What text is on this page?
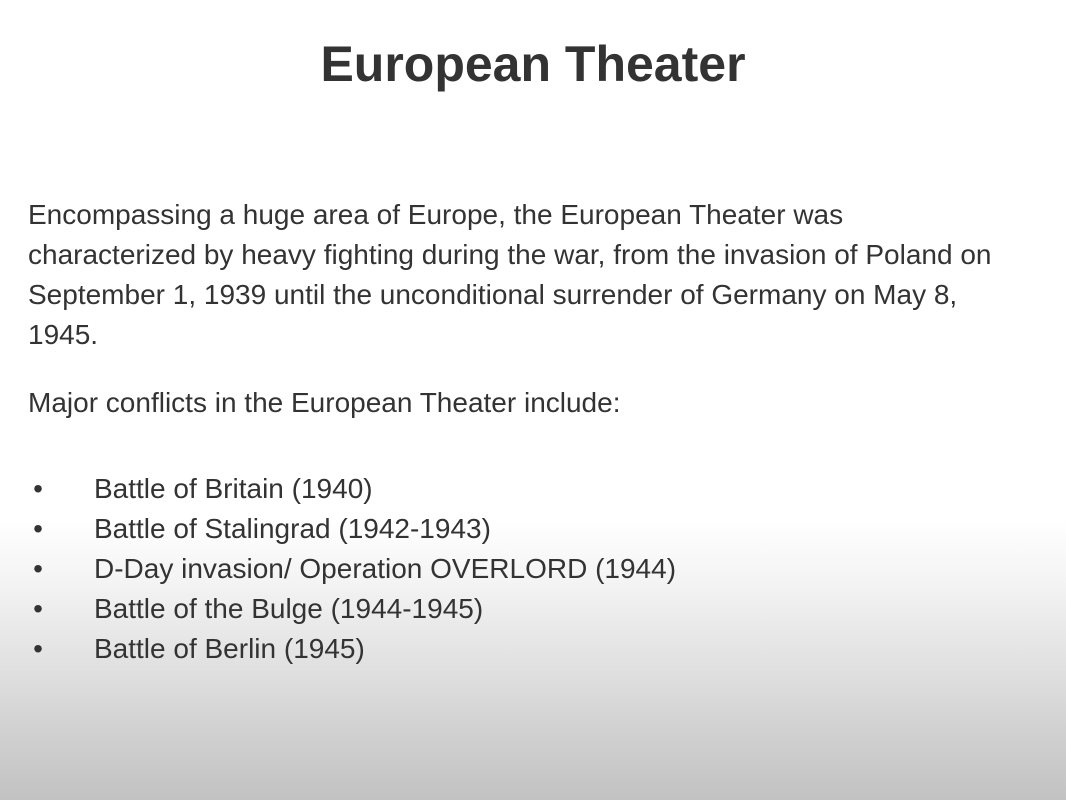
European Theater

Encompassing a huge area of Europe, the European Theater was characterized by heavy fighting during the war, from the invasion of Poland on September 1, 1939 until the unconditional surrender of Germany on May 8, 1945.

Major conflicts in the European Theater include:

• Battle of Britain (1940)
• Battle of Stalingrad (1942-1943)
• D-Day invasion/ Operation OVERLORD (1944)
• Battle of the Bulge (1944-1945)
• Battle of Berlin (1945)
